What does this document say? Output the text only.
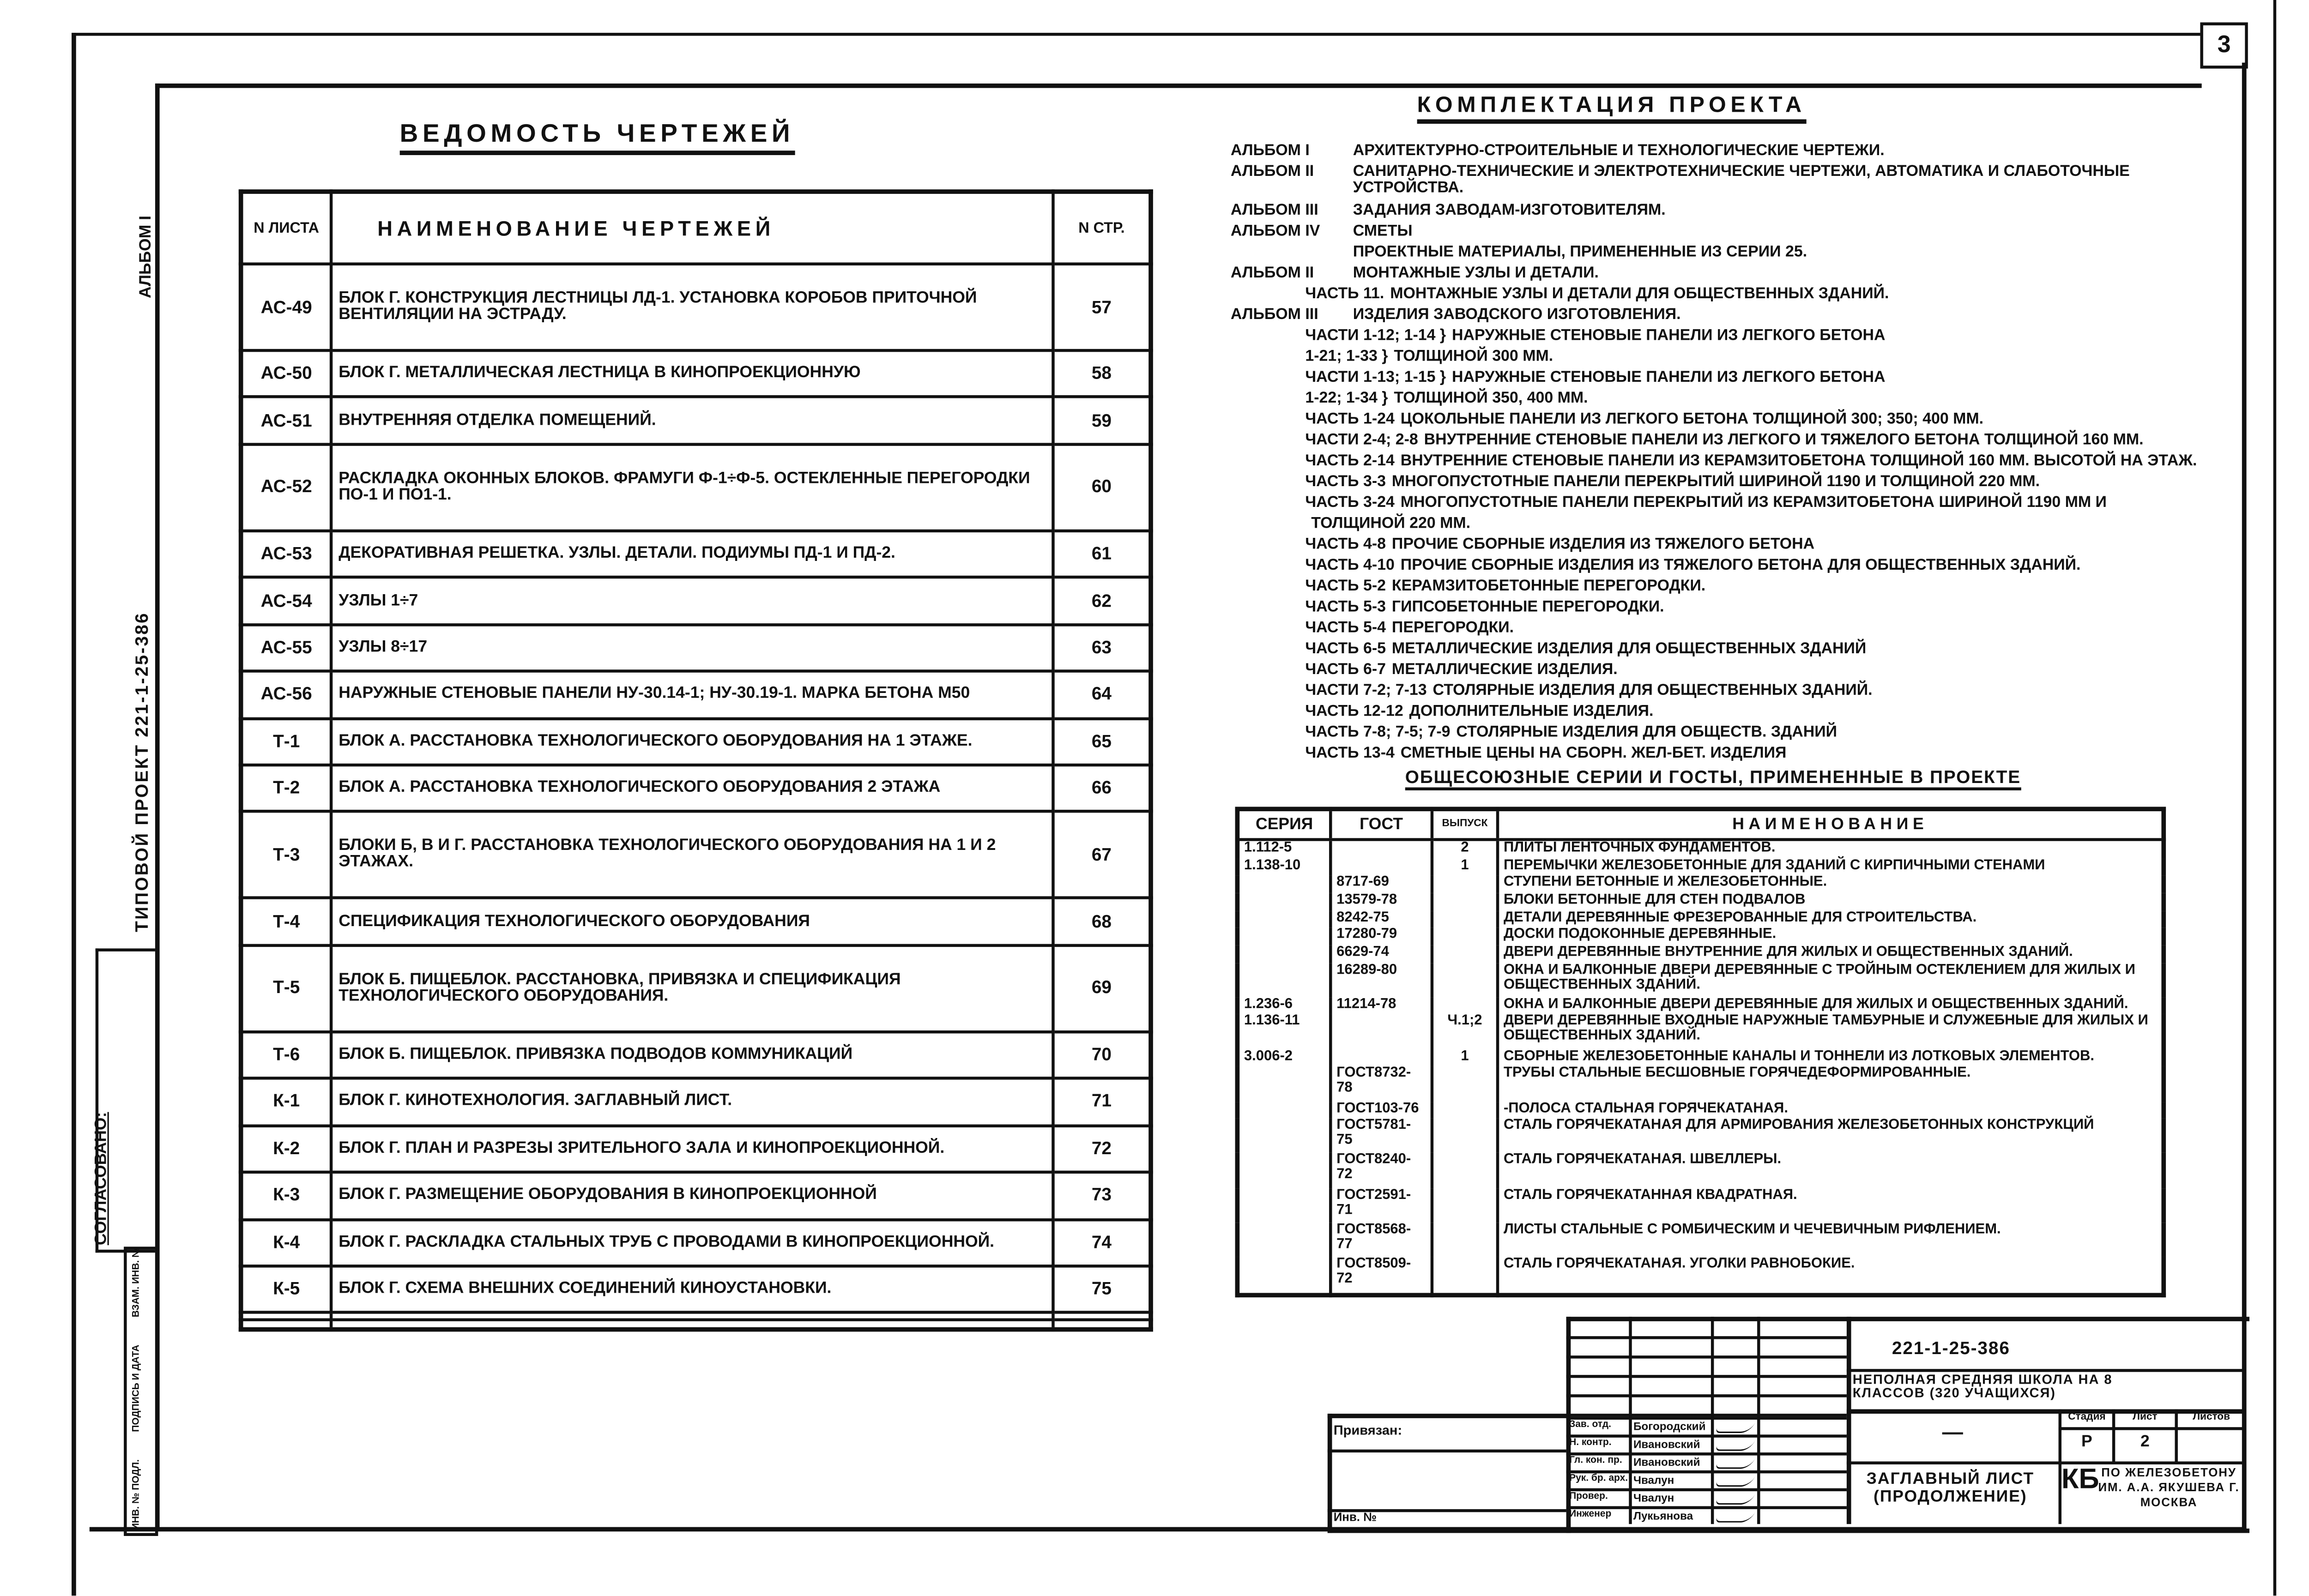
3
АЛЬБОМ I
ТИПОВОЙ ПРОЕКТ 221-1-25-386
СОГЛАСОВАНО:
ИНВ. № ПОДЛ.
ПОДПИСЬ И ДАТА
ВЗАМ. ИНВ. №
ВЕДОМОСТЬ ЧЕРТЕЖЕЙ
N ЛИСТА	НАИМЕНОВАНИЕ ЧЕРТЕЖЕЙ	N СТР.
АС-49	БЛОК Г. КОНСТРУКЦИЯ ЛЕСТНИЦЫ ЛД-1. УСТАНОВКА КОРОБОВ ПРИТОЧНОЙ ВЕНТИЛЯЦИИ НА ЭСТРАДУ.	57
АС-50	БЛОК Г. МЕТАЛЛИЧЕСКАЯ ЛЕСТНИЦА В КИНОПРОЕКЦИОННУЮ	58
АС-51	ВНУТРЕННЯЯ ОТДЕЛКА ПОМЕЩЕНИЙ.	59
АС-52	РАСКЛАДКА ОКОННЫХ БЛОКОВ. ФРАМУГИ Ф-1÷Ф-5. ОСТЕКЛЕННЫЕ ПЕРЕГОРОДКИ ПО-1 И ПО1-1.	60
АС-53	ДЕКОРАТИВНАЯ РЕШЕТКА. УЗЛЫ. ДЕТАЛИ. ПОДИУМЫ ПД-1 И ПД-2.	61
АС-54	УЗЛЫ 1÷7	62
АС-55	УЗЛЫ 8÷17	63
АС-56	НАРУЖНЫЕ СТЕНОВЫЕ ПАНЕЛИ НУ-30.14-1; НУ-30.19-1. МАРКА БЕТОНА М50	64
Т-1	БЛОК А. РАССТАНОВКА ТЕХНОЛОГИЧЕСКОГО ОБОРУДОВАНИЯ НА 1 ЭТАЖЕ.	65
Т-2	БЛОК А. РАССТАНОВКА ТЕХНОЛОГИЧЕСКОГО ОБОРУДОВАНИЯ 2 ЭТАЖА	66
Т-3	БЛОКИ Б, В И Г. РАССТАНОВКА ТЕХНОЛОГИЧЕСКОГО ОБОРУДОВАНИЯ НА 1 И 2 ЭТАЖАХ.	67
Т-4	СПЕЦИФИКАЦИЯ ТЕХНОЛОГИЧЕСКОГО ОБОРУДОВАНИЯ	68
Т-5	БЛОК Б. ПИЩЕБЛОК. РАССТАНОВКА, ПРИВЯЗКА И СПЕЦИФИКАЦИЯ ТЕХНОЛОГИЧЕСКОГО ОБОРУДОВАНИЯ.	69
Т-6	БЛОК Б. ПИЩЕБЛОК. ПРИВЯЗКА ПОДВОДОВ КОММУНИКАЦИЙ	70
К-1	БЛОК Г. КИНОТЕХНОЛОГИЯ. ЗАГЛАВНЫЙ ЛИСТ.	71
К-2	БЛОК Г. ПЛАН И РАЗРЕЗЫ ЗРИТЕЛЬНОГО ЗАЛА И КИНОПРОЕКЦИОННОЙ.	72
К-3	БЛОК Г. РАЗМЕЩЕНИЕ ОБОРУДОВАНИЯ В КИНОПРОЕКЦИОННОЙ	73
К-4	БЛОК Г. РАСКЛАДКА СТАЛЬНЫХ ТРУБ С ПРОВОДАМИ В КИНОПРОЕКЦИОННОЙ.	74
К-5	БЛОК Г. СХЕМА ВНЕШНИХ СОЕДИНЕНИЙ КИНОУСТАНОВКИ.	75

КОМПЛЕКТАЦИЯ ПРОЕКТА
АЛЬБОМ I	АРХИТЕКТУРНО-СТРОИТЕЛЬНЫЕ И ТЕХНОЛОГИЧЕСКИЕ ЧЕРТЕЖИ.
АЛЬБОМ II	САНИТАРНО-ТЕХНИЧЕСКИЕ И ЭЛЕКТРОТЕХНИЧЕСКИЕ ЧЕРТЕЖИ, АВТОМАТИКА И СЛАБОТОЧНЫЕ УСТРОЙСТВА.
АЛЬБОМ III	ЗАДАНИЯ ЗАВОДАМ-ИЗГОТОВИТЕЛЯМ.
АЛЬБОМ IV	СМЕТЫ
ПРОЕКТНЫЕ МАТЕРИАЛЫ, ПРИМЕНЕННЫЕ ИЗ СЕРИИ 25.
АЛЬБОМ II	МОНТАЖНЫЕ УЗЛЫ И ДЕТАЛИ.
ЧАСТЬ 11. МОНТАЖНЫЕ УЗЛЫ И ДЕТАЛИ ДЛЯ ОБЩЕСТВЕННЫХ ЗДАНИЙ.
АЛЬБОМ III	ИЗДЕЛИЯ ЗАВОДСКОГО ИЗГОТОВЛЕНИЯ.
ЧАСТИ 1-12; 1-14 } НАРУЖНЫЕ СТЕНОВЫЕ ПАНЕЛИ ИЗ ЛЕГКОГО БЕТОНА
1-21; 1-33 } ТОЛЩИНОЙ 300 ММ.
ЧАСТИ 1-13; 1-15 } НАРУЖНЫЕ СТЕНОВЫЕ ПАНЕЛИ ИЗ ЛЕГКОГО БЕТОНА
1-22; 1-34 } ТОЛЩИНОЙ 350, 400 ММ.
ЧАСТЬ 1-24 ЦОКОЛЬНЫЕ ПАНЕЛИ ИЗ ЛЕГКОГО БЕТОНА ТОЛЩИНОЙ 300; 350; 400 ММ.
ЧАСТИ 2-4; 2-8 ВНУТРЕННИЕ СТЕНОВЫЕ ПАНЕЛИ ИЗ ЛЕГКОГО И ТЯЖЕЛОГО БЕТОНА ТОЛЩИНОЙ 160 ММ.
ЧАСТЬ 2-14 ВНУТРЕННИЕ СТЕНОВЫЕ ПАНЕЛИ ИЗ КЕРАМЗИТОБЕТОНА ТОЛЩИНОЙ 160 ММ. ВЫСОТОЙ НА ЭТАЖ.
ЧАСТЬ 3-3 МНОГОПУСТОТНЫЕ ПАНЕЛИ ПЕРЕКРЫТИЙ ШИРИНОЙ 1190 И ТОЛЩИНОЙ 220 ММ.
ЧАСТЬ 3-24 МНОГОПУСТОТНЫЕ ПАНЕЛИ ПЕРЕКРЫТИЙ ИЗ КЕРАМЗИТОБЕТОНА ШИРИНОЙ 1190 ММ И
ТОЛЩИНОЙ 220 ММ.
ЧАСТЬ 4-8 ПРОЧИЕ СБОРНЫЕ ИЗДЕЛИЯ ИЗ ТЯЖЕЛОГО БЕТОНА
ЧАСТЬ 4-10 ПРОЧИЕ СБОРНЫЕ ИЗДЕЛИЯ ИЗ ТЯЖЕЛОГО БЕТОНА ДЛЯ ОБЩЕСТВЕННЫХ ЗДАНИЙ.
ЧАСТЬ 5-2 КЕРАМЗИТОБЕТОННЫЕ ПЕРЕГОРОДКИ.
ЧАСТЬ 5-3 ГИПСОБЕТОННЫЕ ПЕРЕГОРОДКИ.
ЧАСТЬ 5-4 ПЕРЕГОРОДКИ.
ЧАСТЬ 6-5 МЕТАЛЛИЧЕСКИЕ ИЗДЕЛИЯ ДЛЯ ОБЩЕСТВЕННЫХ ЗДАНИЙ
ЧАСТЬ 6-7 МЕТАЛЛИЧЕСКИЕ ИЗДЕЛИЯ.
ЧАСТИ 7-2; 7-13 СТОЛЯРНЫЕ ИЗДЕЛИЯ ДЛЯ ОБЩЕСТВЕННЫХ ЗДАНИЙ.
ЧАСТЬ 12-12 ДОПОЛНИТЕЛЬНЫЕ ИЗДЕЛИЯ.
ЧАСТЬ 7-8; 7-5; 7-9 СТОЛЯРНЫЕ ИЗДЕЛИЯ ДЛЯ ОБЩЕСТВ. ЗДАНИЙ
ЧАСТЬ 13-4 СМЕТНЫЕ ЦЕНЫ НА СБОРН. ЖЕЛ-БЕТ. ИЗДЕЛИЯ
ОБЩЕСОЮЗНЫЕ СЕРИИ И ГОСТЫ, ПРИМЕНЕННЫЕ В ПРОЕКТЕ
СЕРИЯ	ГОСТ	ВЫПУСК	НАИМЕНОВАНИЕ
1.112-5		2	ПЛИТЫ ЛЕНТОЧНЫХ ФУНДАМЕНТОВ.
1.138-10		1	ПЕРЕМЫЧКИ ЖЕЛЕЗОБЕТОННЫЕ ДЛЯ ЗДАНИЙ С КИРПИЧНЫМИ СТЕНАМИ
	8717-69		СТУПЕНИ БЕТОННЫЕ И ЖЕЛЕЗОБЕТОННЫЕ.
	13579-78		БЛОКИ БЕТОННЫЕ ДЛЯ СТЕН ПОДВАЛОВ
	8242-75		ДЕТАЛИ ДЕРЕВЯННЫЕ ФРЕЗЕРОВАННЫЕ ДЛЯ СТРОИТЕЛЬСТВА.
	17280-79		ДОСКИ ПОДОКОННЫЕ ДЕРЕВЯННЫЕ.
	6629-74		ДВЕРИ ДЕРЕВЯННЫЕ ВНУТРЕННИЕ ДЛЯ ЖИЛЫХ И ОБЩЕСТВЕННЫХ ЗДАНИЙ.
	16289-80		ОКНА И БАЛКОННЫЕ ДВЕРИ ДЕРЕВЯННЫЕ С ТРОЙНЫМ ОСТЕКЛЕНИЕМ ДЛЯ ЖИЛЫХ И ОБЩЕСТВЕННЫХ ЗДАНИЙ.
1.236-6	11214-78		ОКНА И БАЛКОННЫЕ ДВЕРИ ДЕРЕВЯННЫЕ ДЛЯ ЖИЛЫХ И ОБЩЕСТВЕННЫХ ЗДАНИЙ.
1.136-11		Ч.1;2	ДВЕРИ ДЕРЕВЯННЫЕ ВХОДНЫЕ НАРУЖНЫЕ ТАМБУРНЫЕ И СЛУЖЕБНЫЕ ДЛЯ ЖИЛЫХ И ОБЩЕСТВЕННЫХ ЗДАНИЙ.
3.006-2		1	СБОРНЫЕ ЖЕЛЕЗОБЕТОННЫЕ КАНАЛЫ И ТОННЕЛИ ИЗ ЛОТКОВЫХ ЭЛЕМЕНТОВ.
	ГОСТ8732-78		ТРУБЫ СТАЛЬНЫЕ БЕСШОВНЫЕ ГОРЯЧЕДЕФОРМИРОВАННЫЕ.
	ГОСТ103-76		-ПОЛОСА СТАЛЬНАЯ ГОРЯЧЕКАТАНАЯ.
	ГОСТ5781-75		СТАЛЬ ГОРЯЧЕКАТАНАЯ ДЛЯ АРМИРОВАНИЯ ЖЕЛЕЗОБЕТОННЫХ КОНСТРУКЦИЙ
	ГОСТ8240-72		СТАЛЬ ГОРЯЧЕКАТАНАЯ. ШВЕЛЛЕРЫ.
	ГОСТ2591-71		СТАЛЬ ГОРЯЧЕКАТАННАЯ КВАДРАТНАЯ.
	ГОСТ8568-77		ЛИСТЫ СТАЛЬНЫЕ С РОМБИЧЕСКИМ И ЧЕЧЕВИЧНЫМ РИФЛЕНИЕМ.
	ГОСТ8509-72		СТАЛЬ ГОРЯЧЕКАТАНАЯ. УГОЛКИ РАВНОБОКИЕ.
Привязан:
Инв. №
Зав. отд.	Богородский
Н. контр.	Ивановский
Гл. кон. пр.	Ивановский
Рук. бр. арх. Чвалун
Провер.	Чвалун
Инженер	Лукьянова
221-1-25-386
НЕПОЛНАЯ СРЕДНЯЯ ШКОЛА НА 8 КЛАССОВ (320 УЧАЩИХСЯ)
—
ЗАГЛАВНЫЙ ЛИСТ (ПРОДОЛЖЕНИЕ)
Стадия	Лист	Листов
Р	2
КБ ПО ЖЕЛЕЗОБЕТОНУ ИМ. А.А. ЯКУШЕВА Г. МОСКВА
